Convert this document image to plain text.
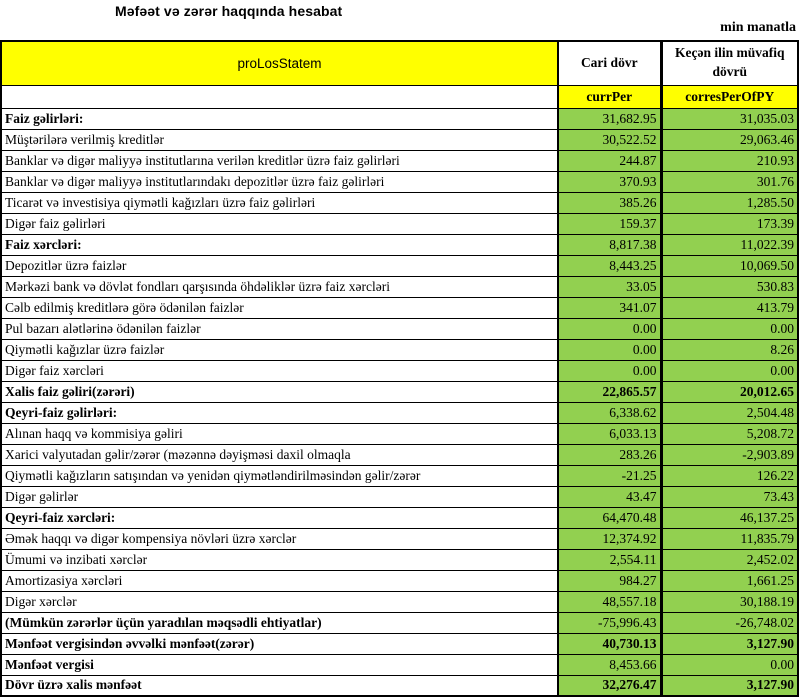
Məfəət və zərər haqqında hesabat
min manatla
proLosStatem	Cari dövr	Keçən ilin müvafiq dövrü
	currPer	corresPerOfPY
Faiz gəlirləri:	31,682.95	31,035.03
Müştərilərə verilmiş kreditlər	30,522.52	29,063.46
Banklar və digər maliyyə institutlarına verilən kreditlər üzrə faiz gəlirləri	244.87	210.93
Banklar və digər maliyyə institutlarındakı depozitlər üzrə faiz gəlirləri	370.93	301.76
Ticarət və investisiya qiymətli kağızları üzrə faiz gəlirləri	385.26	1,285.50
Digər faiz gəlirləri	159.37	173.39
Faiz xərcləri:	8,817.38	11,022.39
Depozitlər üzrə faizlər	8,443.25	10,069.50
Mərkəzi bank və dövlət fondları qarşısında öhdəliklər üzrə faiz xərcləri	33.05	530.83
Cəlb edilmiş kreditlərə görə ödənilən faizlər	341.07	413.79
Pul bazarı alətlərinə ödənilən faizlər	0.00	0.00
Qiymətli kağızlar üzrə faizlər	0.00	8.26
Digər faiz xərcləri	0.00	0.00
Xalis faiz gəliri(zərəri)	22,865.57	20,012.65
Qeyri-faiz gəlirləri:	6,338.62	2,504.48
Alınan haqq və kommisiya gəliri	6,033.13	5,208.72
Xarici valyutadan gəlir/zərər (məzənnə dəyişməsi daxil olmaqla	283.26	-2,903.89
Qiymətli kağızların satışından və yenidən qiymətləndirilməsindən gəlir/zərər	-21.25	126.22
Digər gəlirlər	43.47	73.43
Qeyri-faiz xərcləri:	64,470.48	46,137.25
Əmək haqqı və digər kompensiya növləri üzrə xərclər	12,374.92	11,835.79
Ümumi və inzibati xərclər	2,554.11	2,452.02
Amortizasiya xərcləri	984.27	1,661.25
Digər xərclər	48,557.18	30,188.19
(Mümkün zərərlər üçün yaradılan məqsədli ehtiyatlar)	-75,996.43	-26,748.02
Mənfəət vergisindən əvvəlki mənfəət(zərər)	40,730.13	3,127.90
Mənfəət vergisi	8,453.66	0.00
Dövr üzrə xalis mənfəət	32,276.47	3,127.90
